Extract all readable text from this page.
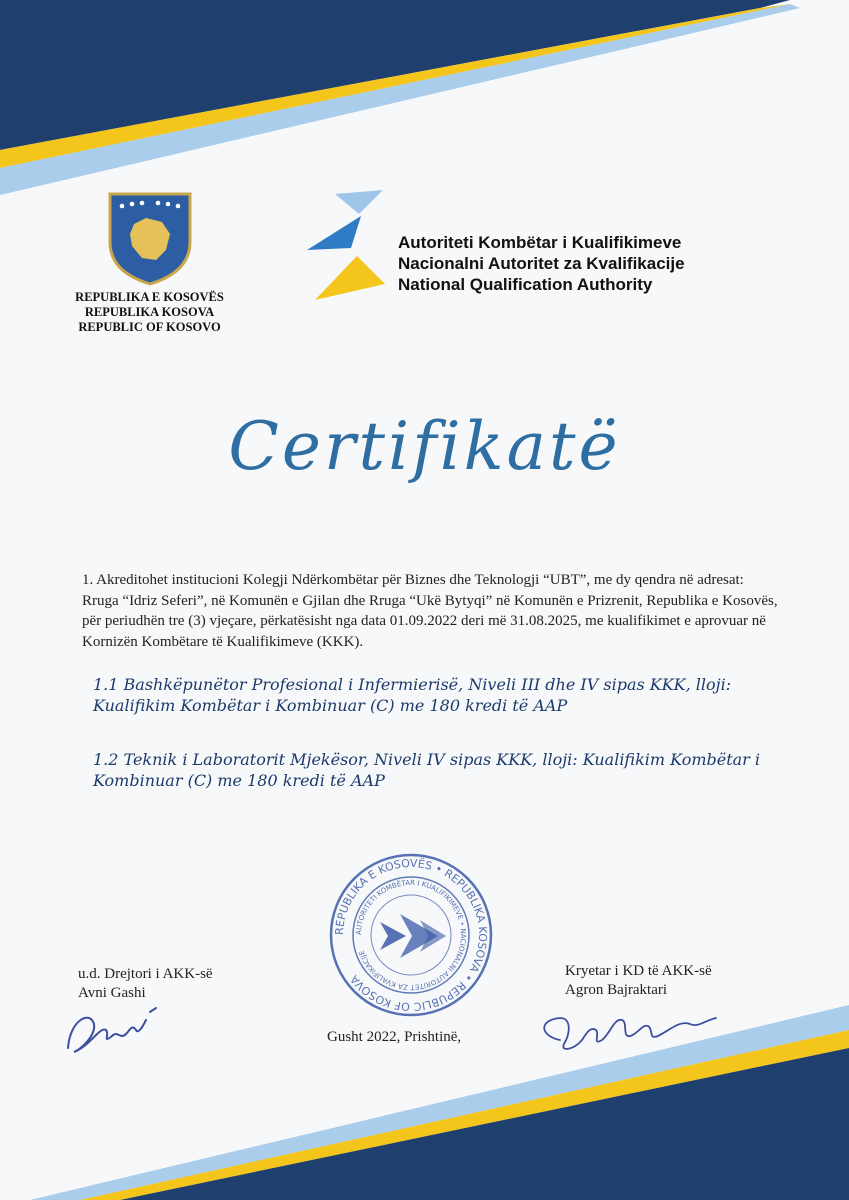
REPUBLIKA E KOSOVËS
REPUBLIKA KOSOVA
REPUBLIC OF KOSOVO
Autoriteti Kombëtar i Kualifikimeve
Nacionalni Autoritet za Kvalifikacije
National Qualification Authority
Certifikatë
1. Akreditohet institucioni Kolegji Ndërkombëtar për Biznes dhe Teknologji “UBT”, me dy qendra në adresat: Rruga “Idriz Seferi”, në Komunën e Gjilan dhe Rruga “Ukë Bytyqi” në Komunën e Prizrenit, Republika e Kosovës, për periudhën tre (3) vjeçare, përkatësisht nga data 01.09.2022 deri më 31.08.2025, me kualifikimet e aprovuar në Kornizën Kombëtare të Kualifikimeve (KKK).
1.1 Bashkëpunëtor Profesional i Infermierisë, Niveli III dhe IV sipas KKK, lloji: Kualifikim Kombëtar i Kombinuar (C) me 180 kredi të AAP
1.2 Teknik i Laboratorit Mjekësor, Niveli IV sipas KKK, lloji: Kualifikim Kombëtar i Kombinuar (C) me 180 kredi të AAP
REPUBLIKA E KOSOVËS • REPUBLIKA KOSOVA • REPUBLIC OF KOSOVA
AUTORITETI KOMBËTAR I KUALIFIKIMEVE • NACIONALNI AUTORITET ZA KVALIFIKACIJE
u.d. Drejtori i AKK-së
Avni Gashi
Kryetar i KD të AKK-së
Agron Bajraktari
Gusht 2022, Prishtinë,
